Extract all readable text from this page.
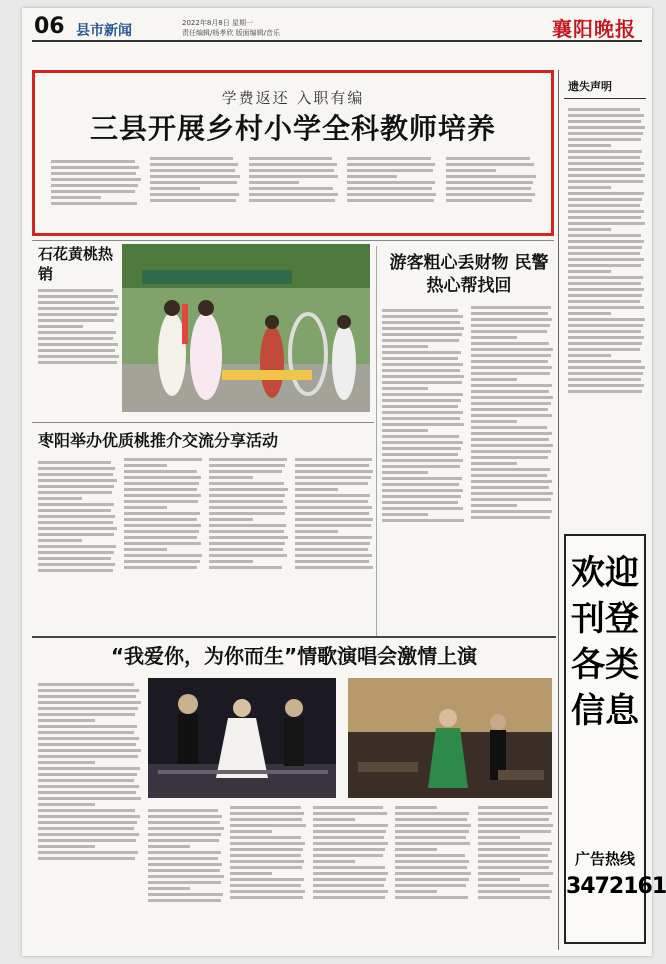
06 县市新闻	2022年8月8日 星期一
责任编辑/杨孝欣 版面编辑/音乐	襄阳晚报
学费返还 入职有编
三县开展乡村小学全科教师培养
石花黄桃热销
游客粗心丢财物 民警热心帮找回
枣阳举办优质桃推介交流分享活动
“我爱你，为你而生”情歌演唱会激情上演
遗失声明
欢迎刊登各类信息
广告热线
3472161
